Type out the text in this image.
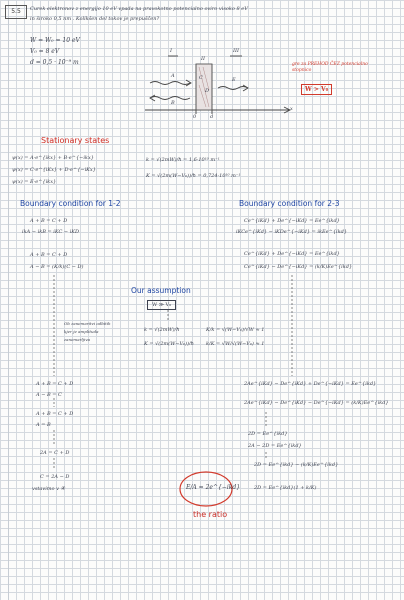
5.5	Curek elektronov z energijo 10 eV vpada na pravokotno potencialno oviro visoko 8 eV
in široko 0,5 nm . Kolikšen del tokov je prepuščen?
W = W₀ = 10 eV
V₀ = 8 eV
d = 0,5 · 10⁻⁹ m	gre za PREHOD ČEZ potencialno stopnico
W > V₀
I
II
III
A
B
E
C
D
0	d
x
Stationary states
ψ(x) = A·e^{ikx} + B·e^{−ikx}
ψ(x) = C·e^{iKx} + D·e^{−iKx}
ψ(x) = E·e^{ikx}
k = √(2mW)/ħ = 1,6·10¹⁰ m⁻¹
K = √(2m(W−V₀))/ħ = 0,724·10¹⁰ m⁻¹
Boundary condition for 1-2
A + B = C + D
ikA − ikB = iKC − iKD
A + B = C + D
A − B = (K/k)(C − D)
Boundary condition for 2-3
Ce^{iKd} + De^{−iKd} = Ee^{ikd}
iKCe^{iKd} − iKDe^{−iKd} = ikEe^{ikd}
Ce^{iKd} + De^{−iKd} = Ee^{ikd}
Ce^{iKd} − De^{−iKd} = (k/K)Ee^{ikd}
Our assumption
W ≫ V₀
k = √(2mW)/ħ
K = √(2m(W−V₀))/ħ
K/k = √(W−V₀)/√W ≈ 1
k/K = √W/√(W−V₀) ≈ 1
Ob zanemaritvi odbitih
kjer je amplituda
zanemarljiva
A + B = C + D
A − B = C
A + B = C + D
A = B
2A = C + D
C = 2A − D
vstavimo v ④
2Ae^{iKd} − De^{iKd} + De^{−iKd} = Ee^{ikd}
2Ae^{iKd} − De^{iKd} − De^{−iKd} = (k/K)Ee^{ikd}
2D = Ee^{ikd}
2A − 2D = Ee^{ikd}
2D = Ee^{ikd} − (k/K)Ee^{ikd}
2D = Ee^{ikd}(1 + k/K)
E/A = 2e^{−ikd}
the ratio
